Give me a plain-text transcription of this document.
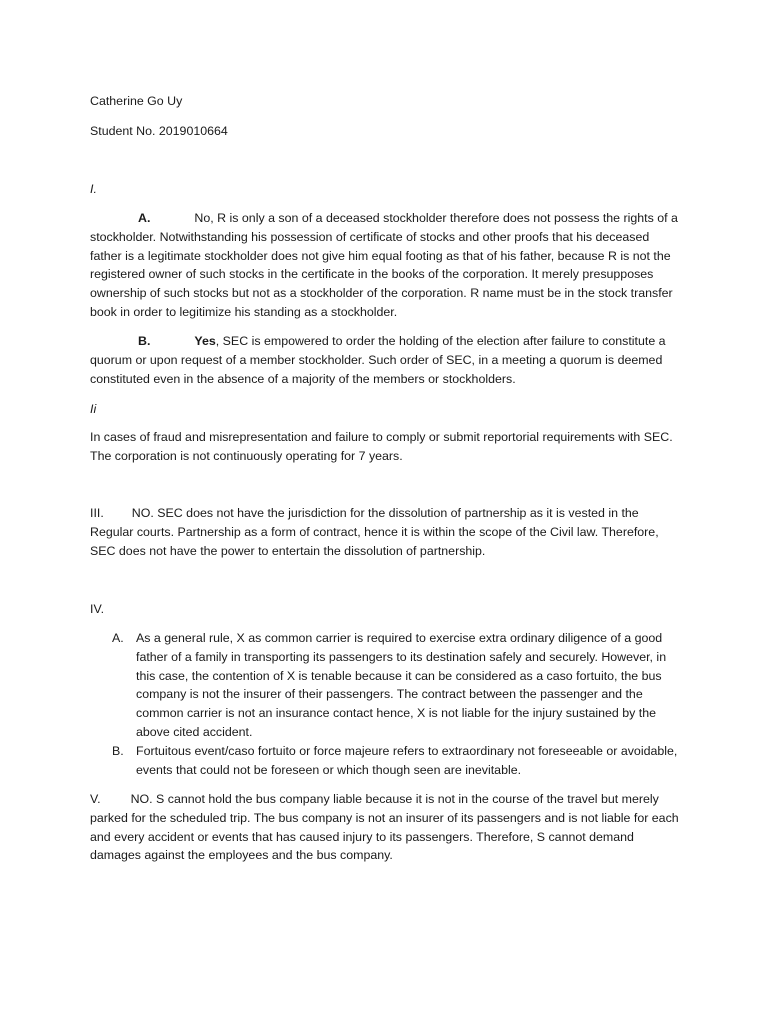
Catherine Go Uy
Student No. 2019010664
I.

A.	No, R is only a son of a deceased stockholder therefore does not possess the rights of a stockholder. Notwithstanding his possession of certificate of stocks and other proofs that his deceased father is a legitimate stockholder does not give him equal footing as that of his father, because R is not the registered owner of such stocks in the certificate in the books of the corporation. It merely presupposes ownership of such stocks but not as a stockholder of the corporation. R name must be in the stock transfer book in order to legitimize his standing as a stockholder.

B.	Yes, SEC is empowered to order the holding of the election after failure to constitute a quorum or upon request of a member stockholder. Such order of SEC, in a meeting a quorum is deemed constituted even in the absence of a majority of the members or stockholders.

Ii

In cases of fraud and misrepresentation and failure to comply or submit reportorial requirements with SEC. The corporation is not continuously operating for 7 years.

III. NO. SEC does not have the jurisdiction for the dissolution of partnership as it is vested in the Regular courts. Partnership as a form of contract, hence it is within the scope of the Civil law. Therefore, SEC does not have the power to entertain the dissolution of partnership.

IV.
A. As a general rule, X as common carrier is required to exercise extra ordinary diligence of a good father of a family in transporting its passengers to its destination safely and securely. However, in this case, the contention of X is tenable because it can be considered as a caso fortuito, the bus company is not the insurer of their passengers. The contract between the passenger and the common carrier is not an insurance contact hence, X is not liable for the injury sustained by the above cited accident.
B. Fortuitous event/caso fortuito or force majeure refers to extraordinary not foreseeable or avoidable, events that could not be foreseen or which though seen are inevitable.

V. NO. S cannot hold the bus company liable because it is not in the course of the travel but merely parked for the scheduled trip. The bus company is not an insurer of its passengers and is not liable for each and every accident or events that has caused injury to its passengers. Therefore, S cannot demand damages against the employees and the bus company.
